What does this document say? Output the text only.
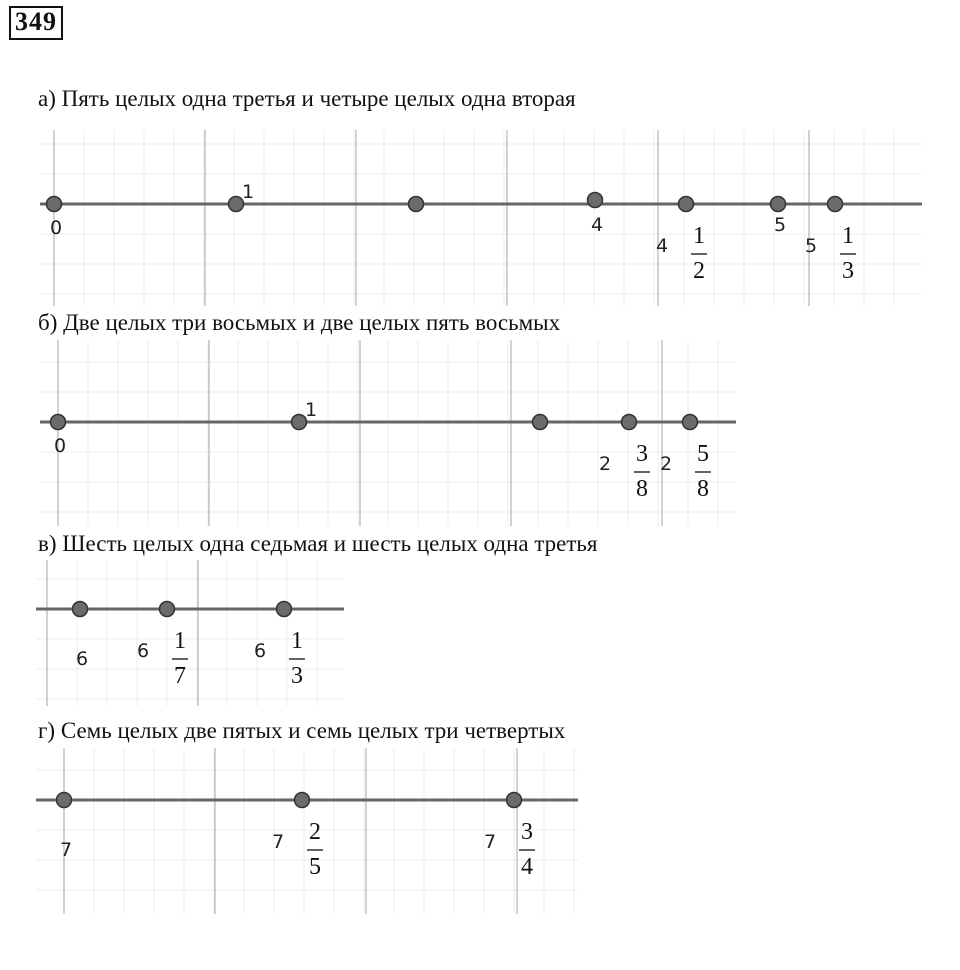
349
а) Пять целых одна третья и четыре целых одна вторая
0
1
4
4 1
2
5
5 1
3
б) Две целых три восьмых и две целых пять восьмых
0
1
2 3
8
2 5
8
в) Шесть целых одна седьмая и шесть целых одна третья
6	6 1
7
6 1
3
г) Семь целых две пятых и семь целых три четвертых
7	7 2
5
7 3
4
